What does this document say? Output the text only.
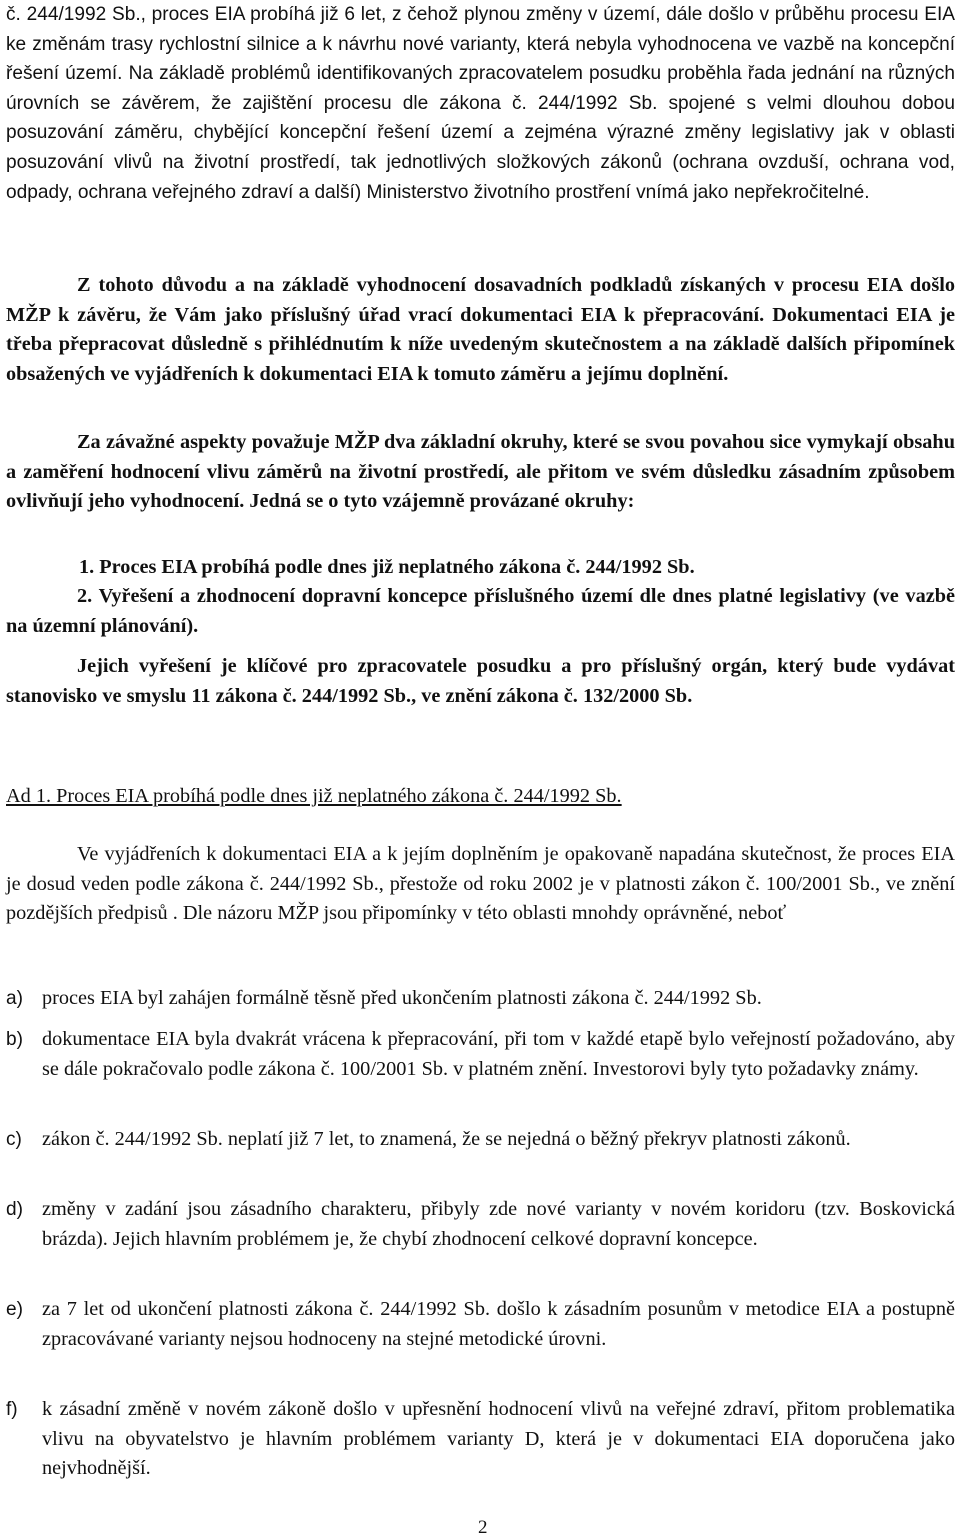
č. 244/1992 Sb., proces EIA probíhá již 6 let, z čehož plynou změny v území, dále došlo v průběhu procesu EIA ke změnám trasy rychlostní silnice a k návrhu nové varianty, která nebyla vyhodnocena ve vazbě na koncepční řešení území. Na základě problémů identifikovaných zpracovatelem posudku proběhla řada jednání na různých úrovních se závěrem, že zajištění procesu dle zákona č. 244/1992 Sb. spojené s velmi dlouhou dobou posuzování záměru, chybějící koncepční řešení území a zejména výrazné změny legislativy jak v oblasti posuzování vlivů na životní prostředí, tak jednotlivých složkových zákonů (ochrana ovzduší, ochrana vod, odpady, ochrana veřejného zdraví a další) Ministerstvo životního prostření vnímá jako nepřekročitelné.
Z tohoto důvodu a na základě vyhodnocení dosavadních podkladů získaných v procesu EIA došlo MŽP k závěru, že Vám jako příslušný úřad vrací dokumentaci EIA k přepracování. Dokumentaci EIA je třeba přepracovat důsledně s přihlédnutím k níže uvedeným skutečnostem a na základě dalších připomínek obsažených ve vyjádřeních k dokumentaci EIA k tomuto záměru a jejímu doplnění.
Za závažné aspekty považuje MŽP dva základní okruhy, které se svou povahou sice vymykají obsahu a zaměření hodnocení vlivu záměrů na životní prostředí, ale přitom ve svém důsledku zásadním způsobem ovlivňují jeho vyhodnocení. Jedná se o tyto vzájemně provázané okruhy:
1. Proces EIA probíhá podle dnes již neplatného zákona č. 244/1992 Sb.
2. Vyřešení a zhodnocení dopravní koncepce příslušného území dle dnes platné legislativy (ve vazbě na územní plánování).
Jejich vyřešení je klíčové pro zpracovatele posudku a pro příslušný orgán, který bude vydávat stanovisko ve smyslu 11 zákona č. 244/1992 Sb., ve znění zákona č. 132/2000 Sb.
Ad 1. Proces EIA probíhá podle dnes již neplatného zákona č. 244/1992 Sb.
Ve vyjádřeních k dokumentaci EIA a k jejím doplněním je opakovaně napadána skutečnost, že proces EIA je dosud veden podle zákona č. 244/1992 Sb., přestože od roku 2002 je v platnosti zákon č. 100/2001 Sb., ve znění pozdějších předpisů . Dle názoru MŽP jsou připomínky v této oblasti mnohdy oprávněné, neboť
a) proces EIA byl zahájen formálně těsně před ukončením platnosti zákona č. 244/1992 Sb.
b) dokumentace EIA byla dvakrát vrácena k přepracování, při tom v každé etapě bylo veřejností požadováno, aby se dále pokračovalo podle zákona č. 100/2001 Sb. v platném znění. Investorovi byly tyto požadavky známy.
c) zákon č. 244/1992 Sb. neplatí již 7 let, to znamená, že se nejedná o běžný překryv platnosti zákonů.
d) změny v zadání jsou zásadního charakteru, přibyly zde nové varianty v novém koridoru (tzv. Boskovická brázda). Jejich hlavním problémem je, že chybí zhodnocení celkové dopravní koncepce.
e) za 7 let od ukončení platnosti zákona č. 244/1992 Sb. došlo k zásadním posunům v metodice EIA a postupně zpracovávané varianty nejsou hodnoceny na stejné metodické úrovni.
f)	k zásadní změně v novém zákoně došlo v upřesnění hodnocení vlivů na veřejné zdraví, přitom problematika vlivu na obyvatelstvo je hlavním problémem varianty D, která je v dokumentaci EIA doporučena jako nejvhodnější.
2
